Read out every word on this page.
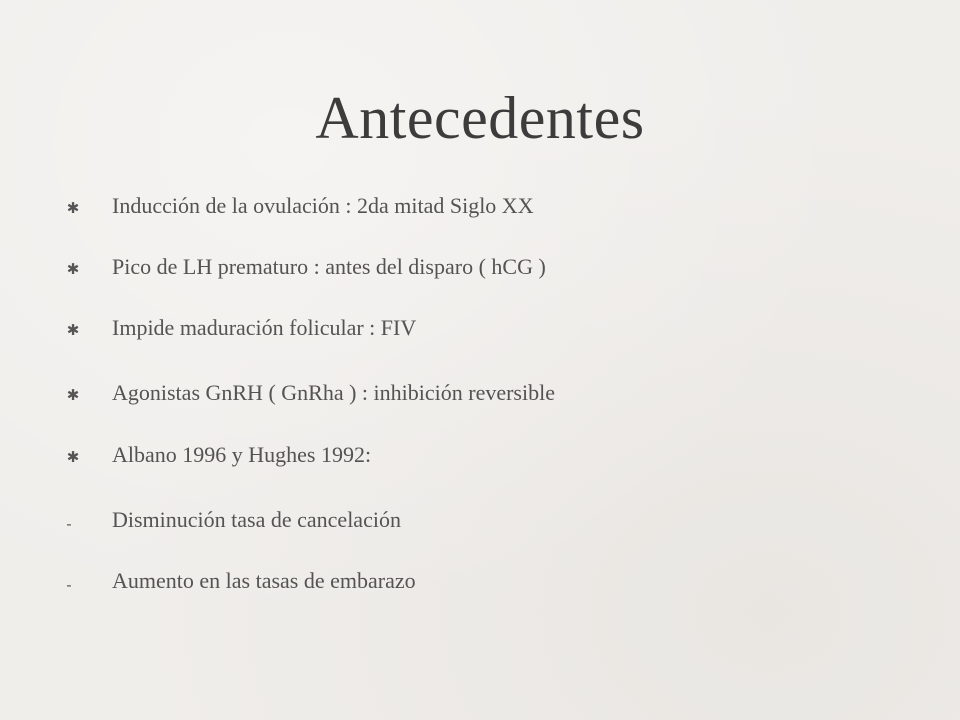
Antecedentes
✱ Inducción de la ovulación : 2da mitad Siglo XX
✱ Pico de LH prematuro : antes del disparo ( hCG )
✱ Impide maduración folicular : FIV
✱ Agonistas GnRH ( GnRha ) : inhibición reversible
✱ Albano 1996 y Hughes 1992:
-	Disminución tasa de cancelación
-	Aumento en las tasas de embarazo
